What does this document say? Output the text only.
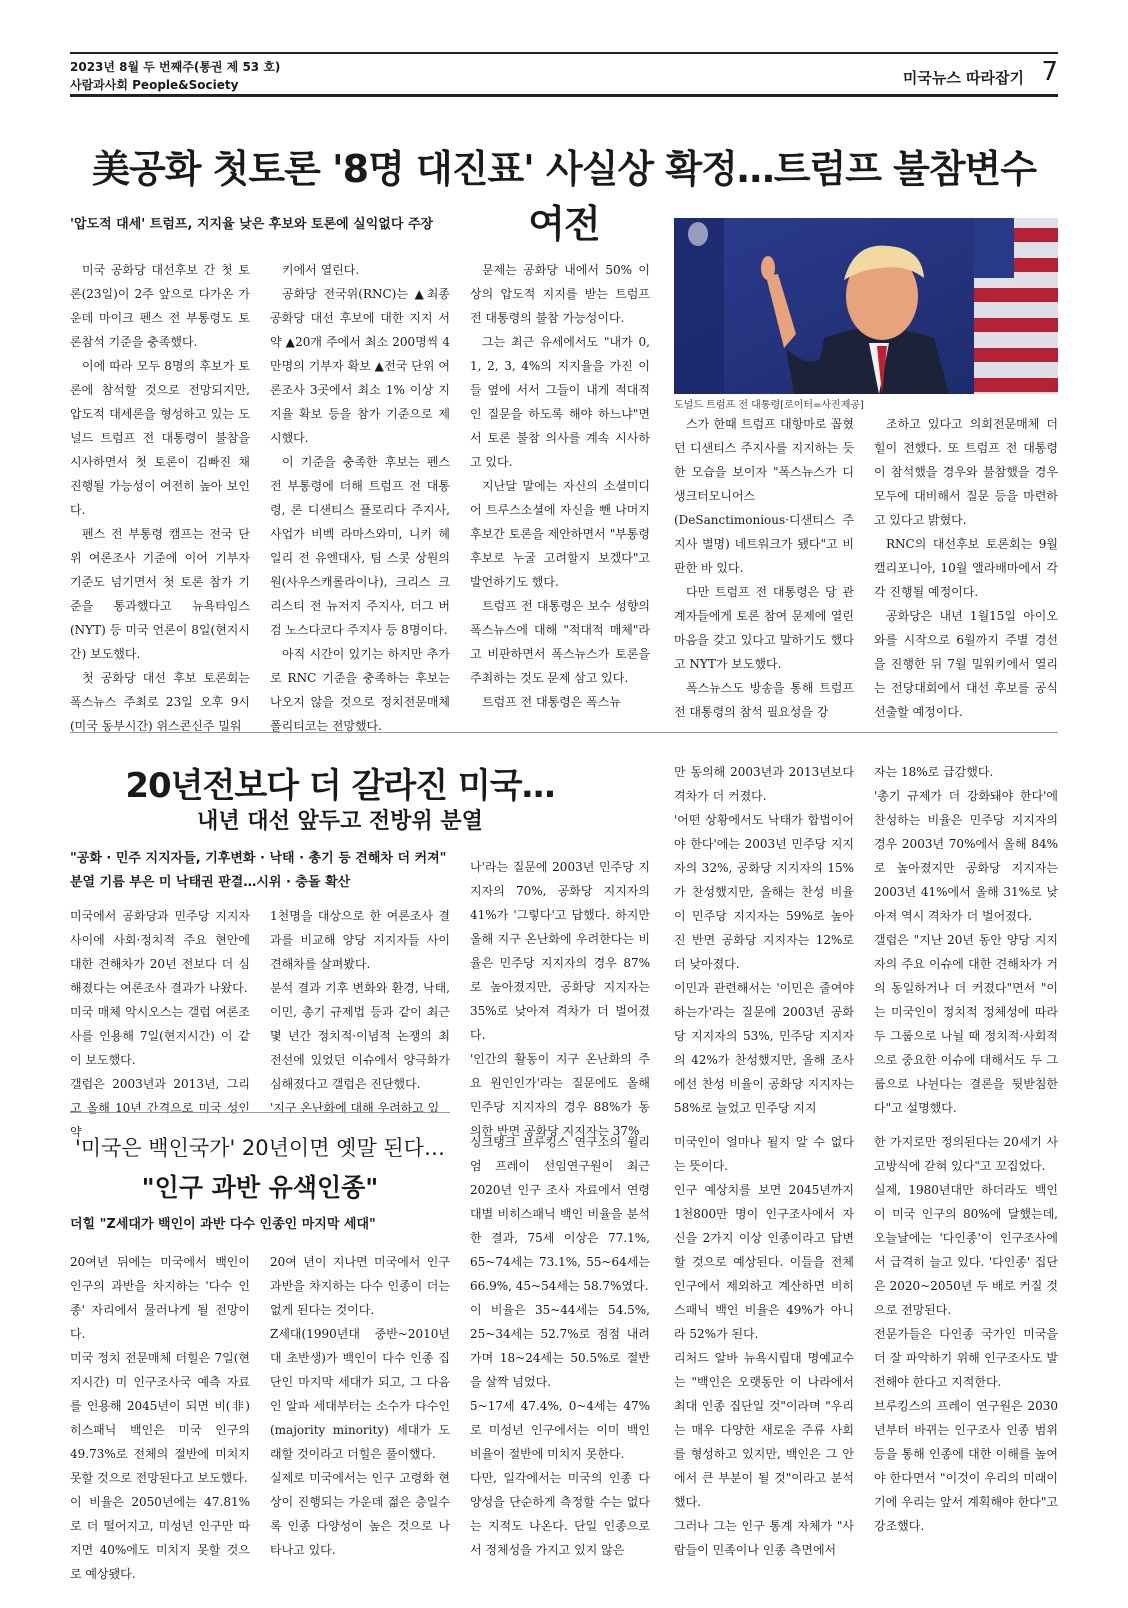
2023년 8월 두 번째주(통권 제 53 호)
사람과사회 People&Society	미국뉴스 따라잡기 7
美공화 첫토론 '8명 대진표' 사실상 확정…트럼프 불참변수 여전
'압도적 대세' 트럼프, 지지율 낮은 후보와 토론에 실익없다 주장

미국 공화당 대선후보 간 첫 토론(23일)이 2주 앞으로 다가온 가운데 마이크 펜스 전 부통령도 토론참석 기준을 충족했다.

이에 따라 모두 8명의 후보가 토론에 참석할 것으로 전망되지만, 압도적 대세론을 형성하고 있는 도널드 트럼프 전 대통령이 불참을 시사하면서 첫 토론이 김빠진 채 진행될 가능성이 여전히 높아 보인다.

펜스 전 부통령 캠프는 전국 단위 여론조사 기준에 이어 기부자 기준도 넘기면서 첫 토론 참가 기준을 통과했다고 뉴욕타임스(NYT) 등 미국 언론이 8일(현지시간) 보도했다.

첫 공화당 대선 후보 토론회는 폭스뉴스 주최로 23일 오후 9시(미국 동부시간) 위스콘신주 밀워

키에서 열린다.

공화당 전국위(RNC)는 ▲최종 공화당 대선 후보에 대한 지지 서약 ▲20개 주에서 최소 200명씩 4만명의 기부자 확보 ▲전국 단위 여론조사 3곳에서 최소 1% 이상 지지율 확보 등을 참가 기준으로 제시했다.

이 기준을 충족한 후보는 펜스 전 부통령에 더해 트럼프 전 대통령, 론 디샌티스 플로리다 주지사, 사업가 비벡 라마스와미, 니키 헤일리 전 유엔대사, 팀 스콧 상원의원(사우스캐롤라이나), 크리스 크리스티 전 뉴저지 주지사, 더그 버검 노스다코다 주지사 등 8명이다.

아직 시간이 있기는 하지만 추가로 RNC 기준을 충족하는 후보는 나오지 않을 것으로 정치전문매체 폴리티코는 전망했다.

문제는 공화당 내에서 50% 이상의 압도적 지지를 받는 트럼프 전 대통령의 불참 가능성이다.

그는 최근 유세에서도 "내가 0, 1, 2, 3, 4%의 지지율을 가진 이들 옆에 서서 그들이 내게 적대적인 질문을 하도록 해야 하느냐"면서 토론 불참 의사를 계속 시사하고 있다.

지난달 말에는 자신의 소셜미디어 트루스소셜에 자신을 뺀 나머지 후보간 토론을 제안하면서 "부통령 후보로 누굴 고려할지 보겠다"고 발언하기도 했다.

트럼프 전 대통령은 보수 성향의 폭스뉴스에 대해 "적대적 매체"라고 비판하면서 폭스뉴스가 토론을 주최하는 것도 문제 삼고 있다.

트럼프 전 대통령은 폭스뉴

도널드 트럼프 전 대통령[로이터=사진제공]

스가 한때 트럼프 대항마로 꼽혔던 디샌티스 주지사를 지지하는 듯한 모습을 보이자 "폭스뉴스가 디생크터모니어스(DeSanctimonious·디샌티스 주지사 별명) 네트워크가 됐다"고 비판한 바 있다.

다만 트럼프 전 대통령은 당 관계자들에게 토론 참여 문제에 열린 마음을 갖고 있다고 말하기도 했다고 NYT가 보도했다.

폭스뉴스도 방송을 통해 트럼프 전 대통령의 참석 필요성을 강

조하고 있다고 의회전문매체 더힐이 전했다. 또 트럼프 전 대통령이 참석했을 경우와 불참했을 경우 모두에 대비해서 질문 등을 마련하고 있다고 밝혔다.

RNC의 대선후보 토론회는 9월 캘리포니아, 10월 앨라배마에서 각각 진행될 예정이다.

공화당은 내년 1월15일 아이오와를 시작으로 6월까지 주별 경선을 진행한 뒤 7월 밀워키에서 열리는 전당대회에서 대선 후보를 공식 선출할 예정이다.

20년전보다 더 갈라진 미국…
내년 대선 앞두고 전방위 분열
"공화 · 민주 지지자들, 기후변화 · 낙태 · 총기 등 견해차 더 커져"
분열 기름 부은 미 낙태권 판결…시위 · 충돌 확산

미국에서 공화당과 민주당 지지자 사이에 사회·정치적 주요 현안에 대한 견해차가 20년 전보다 더 심해졌다는 여론조사 결과가 나왔다.

미국 매체 악시오스는 갤럽 여론조사를 인용해 7일(현지시간) 이 같이 보도했다.

갤럽은 2003년과 2013년, 그리고 올해 10년 간격으로 미국 성인 약

1천명을 대상으로 한 여론조사 결과를 비교해 양당 지지자들 사이 견해차를 살펴봤다.

분석 결과 기후 변화와 환경, 낙태, 이민, 총기 규제법 등과 같이 최근 몇 년간 정치적·이념적 논쟁의 최전선에 있었던 이슈에서 양극화가 심해졌다고 갤럽은 진단했다.

'지구 온난화에 대해 우려하고 있

나'라는 질문에 2003년 민주당 지지자의 70%, 공화당 지지자의 41%가 '그렇다'고 답했다. 하지만 올해 지구 온난화에 우려한다는 비율은 민주당 지지자의 경우 87%로 높아졌지만, 공화당 지지자는 35%로 낮아져 격차가 더 벌어졌다.

'인간의 활동이 지구 온난화의 주요 원인인가'라는 질문에도 올해 민주당 지지자의 경우 88%가 동의한 반면 공화당 지지자는 37%

만 동의해 2003년과 2013년보다 격차가 더 커졌다.

'어떤 상황에서도 낙태가 합법이어야 한다'에는 2003년 민주당 지지자의 32%, 공화당 지지자의 15%가 찬성했지만, 올해는 찬성 비율이 민주당 지지자는 59%로 높아진 반면 공화당 지지자는 12%로 더 낮아졌다.

이민과 관련해서는 '이민은 줄여야 하는가'라는 질문에 2003년 공화당 지지자의 53%, 민주당 지지자의 42%가 찬성했지만, 올해 조사에선 찬성 비율이 공화당 지지자는 58%로 늘었고 민주당 지지

자는 18%로 급감했다.

'총기 규제가 더 강화돼야 한다'에 찬성하는 비율은 민주당 지지자의 경우 2003년 70%에서 올해 84%로 높아졌지만 공화당 지지자는 2003년 41%에서 올해 31%로 낮아져 역시 격차가 더 벌어졌다.

갤럽은 "지난 20년 동안 양당 지지자의 주요 이슈에 대한 견해차가 거의 동일하거나 더 커졌다"면서 "이는 미국인이 정치적 정체성에 따라 두 그룹으로 나뉠 때 정치적·사회적으로 중요한 이슈에 대해서도 두 그룹으로 나뉜다는 결론을 뒷받침한다"고 설명했다.

'미국은 백인국가' 20년이면 옛말 된다…
"인구 과반 유색인종"
더힐 "Z세대가 백인이 과반 다수 인종인 마지막 세대"

20여년 뒤에는 미국에서 백인이 인구의 과반을 차지하는 '다수 인종' 자리에서 물러나게 될 전망이다.

미국 정치 전문매체 더힐은 7일(현지시간) 미 인구조사국 예측 자료를 인용해 2045년이 되면 비(非)히스패닉 백인은 미국 인구의 49.73%로 전체의 절반에 미치지 못할 것으로 전망된다고 보도했다.

이 비율은 2050년에는 47.81%로 더 떨어지고, 미성년 인구만 따지면 40%에도 미치지 못할 것으로 예상됐다.

20여 년이 지나면 미국에서 인구 과반을 차지하는 다수 인종이 더는 없게 된다는 것이다.

Z세대(1990년대 중반~2010년대 초반생)가 백인이 다수 인종 집단인 마지막 세대가 되고, 그 다음인 알파 세대부터는 소수가 다수인(majority minority) 세대가 도래할 것이라고 더힐은 풀이했다.

실제로 미국에서는 인구 고령화 현상이 진행되는 가운데 젊은 층일수록 인종 다양성이 높은 것으로 나타나고 있다.

싱크탱크 브루킹스 연구소의 윌리엄 프레이 선임연구원이 최근 2020년 인구 조사 자료에서 연령대별 비히스패닉 백인 비율을 분석한 결과, 75세 이상은 77.1%, 65~74세는 73.1%, 55~64세는 66.9%, 45~54세는 58.7%였다.

이 비율은 35~44세는 54.5%, 25~34세는 52.7%로 점점 내려가며 18~24세는 50.5%로 절반을 살짝 넘었다.

5~17세 47.4%, 0~4세는 47%로 미성년 인구에서는 이미 백인 비율이 절반에 미치지 못한다.

다만, 일각에서는 미국의 인종 다양성을 단순하게 측정할 수는 없다는 지적도 나온다. 단일 인종으로서 정체성을 가지고 있지 않은

미국인이 얼마나 될지 알 수 없다는 뜻이다.

인구 예상치를 보면 2045년까지 1천800만 명이 인구조사에서 자신을 2가지 이상 인종이라고 답변할 것으로 예상된다. 이들을 전체 인구에서 제외하고 계산하면 비히스패닉 백인 비율은 49%가 아니라 52%가 된다.

리처드 알바 뉴욕시립대 명예교수는 "백인은 오랫동안 이 나라에서 최대 인종 집단일 것"이라며 "우리는 매우 다양한 새로운 주류 사회를 형성하고 있지만, 백인은 그 안에서 큰 부분이 될 것"이라고 분석했다.

그러나 그는 인구 통계 자체가 "사람들이 민족이나 인종 측면에서

한 가지로만 정의된다는 20세기 사고방식에 갇혀 있다"고 꼬집었다.

실제, 1980년대만 하더라도 백인이 미국 인구의 80%에 달했는데, 오늘날에는 '다인종'이 인구조사에서 급격히 늘고 있다. '다인종' 집단은 2020~2050년 두 배로 커질 것으로 전망된다.

전문가들은 다인종 국가인 미국을 더 잘 파악하기 위해 인구조사도 발전해야 한다고 지적한다.

브루킹스의 프레이 연구원은 2030년부터 바뀌는 인구조사 인종 범위 등을 통해 인종에 대한 이해를 높여야 한다면서 "이것이 우리의 미래이기에 우리는 앞서 계획해야 한다"고 강조했다.
